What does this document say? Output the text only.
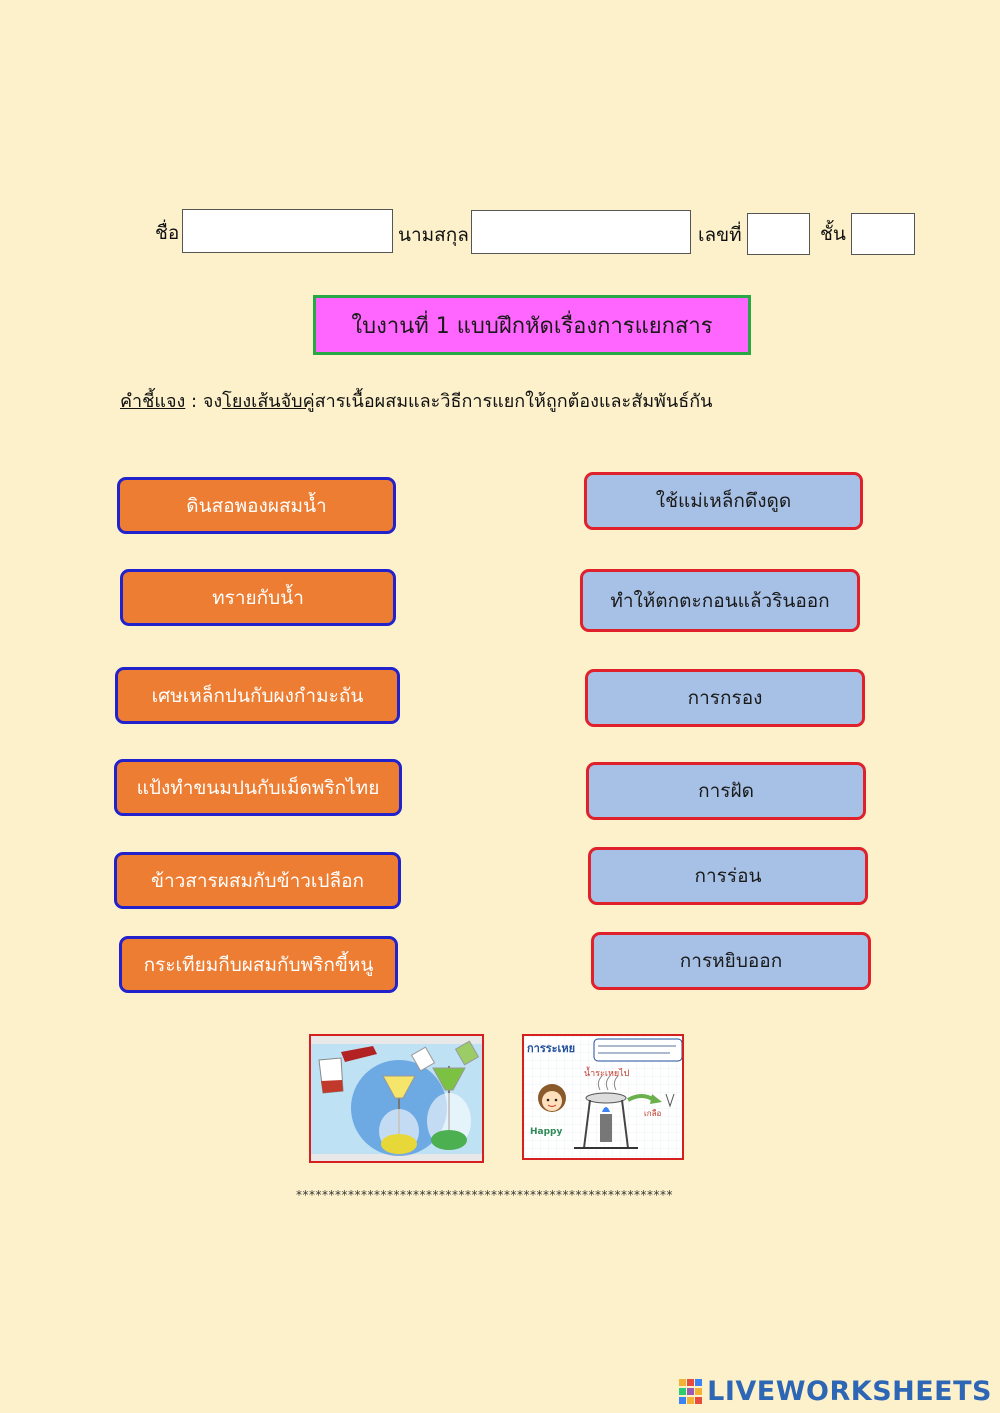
ชื่อ	นามสกุล	เลขที่	ชั้น
ใบงานที่ 1 แบบฝึกหัดเรื่องการแยกสาร
คำชี้แจง : จงโยงเส้นจับคู่สารเนื้อผสมและวิธีการแยกให้ถูกต้องและสัมพันธ์กัน
ดินสอพองผสมน้ำ
ทรายกับน้ำ
เศษเหล็กปนกับผงกำมะถัน
แป้งทำขนมปนกับเม็ดพริกไทย
ข้าวสารผสมกับข้าวเปลือก
กระเทียมกีบผสมกับพริกขี้หนู
ใช้แม่เหล็กดึงดูด
ทำให้ตกตะกอนแล้วรินออก
การกรอง
การฝัด
การร่อน
การหยิบออก
การระเหย
น้ำระเหยไป
Happy
เกลือ
**********************************************************
LIVEWORKSHEETS
